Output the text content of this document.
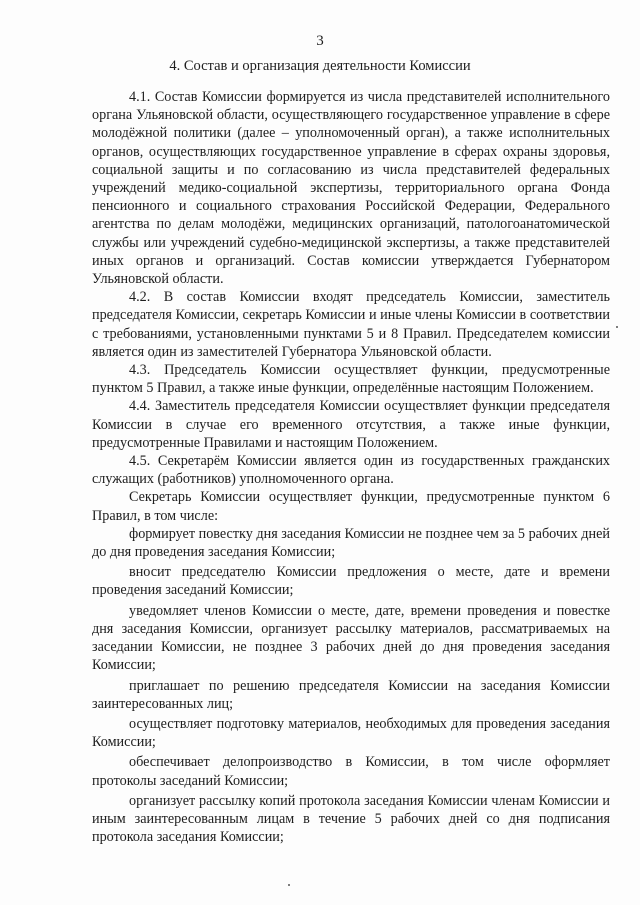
3
4. Состав и организация деятельности Комиссии

4.1. Состав Комиссии формируется из числа представителей исполнительного органа Ульяновской области, осуществляющего государственное управление в сфере молодёжной политики (далее – уполномоченный орган), а также исполнительных органов, осуществляющих государственное управление в сферах охраны здоровья, социальной защиты и по согласованию из числа представителей федеральных учреждений медико-социальной экспертизы, территориального органа Фонда пенсионного и социального страхования Российской Федерации, Федерального агентства по делам молодёжи, медицинских организаций, патологоанатомической службы или учреждений судебно-медицинской экспертизы, а также представителей иных органов и организаций. Состав комиссии утверждается Губернатором Ульяновской области.

4.2. В состав Комиссии входят председатель Комиссии, заместитель председателя Комиссии, секретарь Комиссии и иные члены Комиссии в соответствии с требованиями, установленными пунктами 5 и 8 Правил. Председателем комиссии является один из заместителей Губернатора Ульяновской области.

4.3. Председатель Комиссии осуществляет функции, предусмотренные пунктом 5 Правил, а также иные функции, определённые настоящим Положением.

4.4. Заместитель председателя Комиссии осуществляет функции председателя Комиссии в случае его временного отсутствия, а также иные функции, предусмотренные Правилами и настоящим Положением.

4.5. Секретарём Комиссии является один из государственных гражданских служащих (работников) уполномоченного органа.

Секретарь Комиссии осуществляет функции, предусмотренные пунктом 6 Правил, в том числе:

формирует повестку дня заседания Комиссии не позднее чем за 5 рабочих дней до дня проведения заседания Комиссии;

вносит председателю Комиссии предложения о месте, дате и времени проведения заседаний Комиссии;

уведомляет членов Комиссии о месте, дате, времени проведения и повестке дня заседания Комиссии, организует рассылку материалов, рассматриваемых на заседании Комиссии, не позднее 3 рабочих дней до дня проведения заседания Комиссии;

приглашает по решению председателя Комиссии на заседания Комиссии заинтересованных лиц;

осуществляет подготовку материалов, необходимых для проведения заседания Комиссии;

обеспечивает делопроизводство в Комиссии, в том числе оформляет протоколы заседаний Комиссии;

организует рассылку копий протокола заседания Комиссии членам Комиссии и иным заинтересованным лицам в течение 5 рабочих дней со дня подписания протокола заседания Комиссии;
